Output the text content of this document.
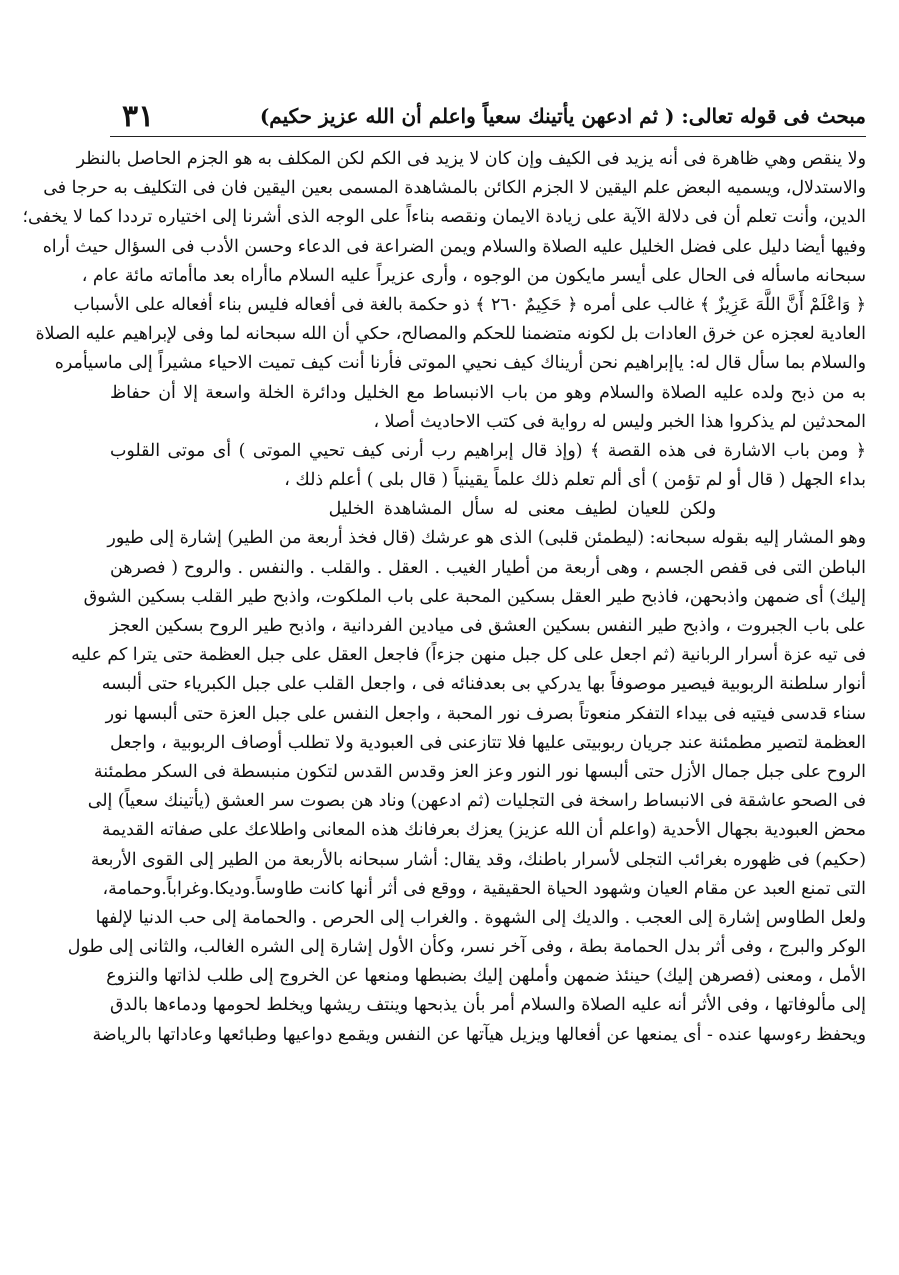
مبحث فى قوله تعالى: ( ثم ادعهن يأتينك سعياً واعلم أن الله عزيز حكيم)
٣١
ولا ينقص وهي ظاهرة فى أنه يزيد فى الكيف وإن كان لا يزيد فى الكم لكن المكلف به هو الجزم الحاصل بالنظر
والاستدلال، ويسميه البعض علم اليقين لا الجزم الكائن بالمشاهدة المسمى بعين اليقين فان فى التكليف به حرجا فى
الدين، وأنت تعلم أن فى دلالة الآية على زيادة الايمان ونقصه بناءاً على الوجه الذى أشرنا إلى اختياره ترددا كما لا يخفى؛
وفيها أيضا دليل على فضل الخليل عليه الصلاة والسلام ويمن الضراعة فى الدعاء وحسن الأدب فى السؤال حيث أراه
سبحانه ماسأله فى الحال على أيسر مايكون من الوجوه ، وأرى عزيراً عليه السلام ماأراه بعد ماأماته مائة عام ،
﴿ وَاعْلَمْ أَنَّ اللَّهَ عَزِيزٌ ﴾ غالب على أمره ﴿ حَكِيمٌ ٢٦٠ ﴾ ذو حكمة بالغة فى أفعاله فليس بناء أفعاله على الأسباب
العادية لعجزه عن خرق العادات بل لكونه متضمنا للحكم والمصالح، حكي أن الله سبحانه لما وفى لإبراهيم عليه الصلاة
والسلام بما سأل قال له: ياإبراهيم نحن أريناك كيف نحيي الموتى فأرنا أنت كيف تميت الاحياء مشيراً إلى ماسيأمره
به من ذبح ولده عليه الصلاة والسلام وهو من باب الانبساط مع الخليل ودائرة الخلة واسعة إلا أن حفاظ
المحدثين لم يذكروا هذا الخبر وليس له رواية فى كتب الاحاديث أصلا ،
﴿ ومن باب الاشارة فى هذه القصة ﴾ (وإذ قال إبراهيم رب أرنى كيف تحيي الموتى ) أى موتى القلوب
بداء الجهل ( قال أو لم تؤمن ) أى ألم تعلم ذلك علماً يقينياً ( قال بلى ) أعلم ذلك ،
ولكن للعيان لطيف معنى له سأل المشاهدة الخليل
وهو المشار إليه بقوله سبحانه: (ليطمئن قلبى) الذى هو عرشك (قال فخذ أربعة من الطير) إشارة إلى طيور
الباطن التى فى قفص الجسم ، وهى أربعة من أطيار الغيب . العقل . والقلب . والنفس . والروح ( فصرهن
إليك) أى ضمهن واذبحهن، فاذبح طير العقل بسكين المحبة على باب الملكوت، واذبح طير القلب بسكين الشوق
على باب الجبروت ، واذبح طير النفس بسكين العشق فى ميادين الفردانية ، واذبح طير الروح بسكين العجز
فى تيه عزة أسرار الربانية (ثم اجعل على كل جبل منهن جزءاً) فاجعل العقل على جبل العظمة حتى يترا كم عليه
أنوار سلطنة الربوبية فيصير موصوفاً بها يدركي بى بعدفنائه فى ، واجعل القلب على جبل الكبرياء حتى ألبسه
سناء قدسى فيتيه فى بيداء التفكر منعوتاً بصرف نور المحبة ، واجعل النفس على جبل العزة حتى ألبسها نور
العظمة لتصير مطمئنة عند جريان ربوبيتى عليها فلا تتازعنى فى العبودية ولا تطلب أوصاف الربوبية ، واجعل
الروح على جبل جمال الأزل حتى ألبسها نور النور وعز العز وقدس القدس لتكون منبسطة فى السكر مطمئنة
فى الصحو عاشقة فى الانبساط راسخة فى التجليات (ثم ادعهن) وناد هن بصوت سر العشق (يأتينك سعياً) إلى
محض العبودية بجهال الأحدية (واعلم أن الله عزيز) يعزك بعرفانك هذه المعانى واطلاعك على صفاته القديمة
(حكيم) فى ظهوره بغرائب التجلى لأسرار باطنك، وقد يقال: أشار سبحانه بالأربعة من الطير إلى القوى الأربعة
التى تمنع العبد عن مقام العيان وشهود الحياة الحقيقية ، ووقع فى أثر أنها كانت طاوساً.وديكا.وغراباً.وحمامة،
ولعل الطاوس إشارة إلى العجب . والديك إلى الشهوة . والغراب إلى الحرص . والحمامة إلى حب الدنيا لإلفها
الوكر والبرج ، وفى أثر بدل الحمامة بطة ، وفى آخر نسر، وكأن الأول إشارة إلى الشره الغالب، والثانى إلى طول
الأمل ، ومعنى (فصرهن إليك) حينئذ ضمهن وأملهن إليك بضبطها ومنعها عن الخروج إلى طلب لذاتها والنزوع
إلى مألوفاتها ، وفى الأثر أنه عليه الصلاة والسلام أمر بأن يذبحها وينتف ريشها ويخلط لحومها ودماءها بالدق
ويحفظ رءوسها عنده - أى يمنعها عن أفعالها ويزيل هيآتها عن النفس ويقمع دواعيها وطبائعها وعاداتها بالرياضة
